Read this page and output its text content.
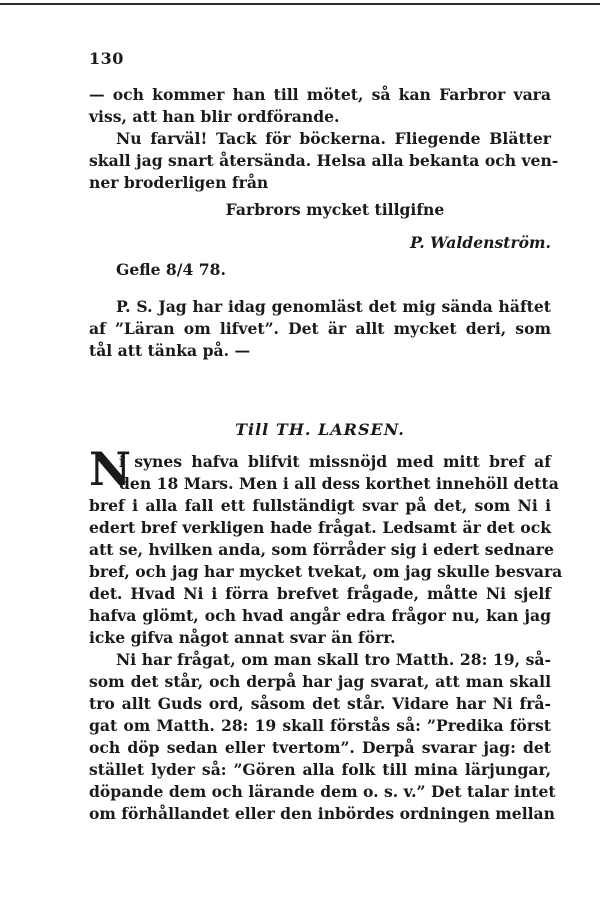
130
— och kommer han till mötet, så kan Farbror vara
viss, att han blir ordförande.
Nu farväl! Tack för böckerna. Fliegende Blätter
skall jag snart återsända. Helsa alla bekanta och ven-
ner broderligen från
Farbrors mycket tillgifne
P. Waldenström.
Gefle 8/4 78.
P. S. Jag har idag genomläst det mig sända häftet
af ”Läran om lifvet”. Det är allt mycket deri, som
tål att tänka på. —
Till TH. LARSEN.
N
i synes hafva blifvit missnöjd med mitt bref af
den 18 Mars. Men i all dess korthet innehöll detta
bref i alla fall ett fullständigt svar på det, som Ni i
edert bref verkligen hade frågat. Ledsamt är det ock
att se, hvilken anda, som förråder sig i edert sednare
bref, och jag har mycket tvekat, om jag skulle besvara
det. Hvad Ni i förra brefvet frågade, måtte Ni sjelf
hafva glömt, och hvad angår edra frågor nu, kan jag
icke gifva något annat svar än förr.
Ni har frågat, om man skall tro Matth. 28: 19, så-
som det står, och derpå har jag svarat, att man skall
tro allt Guds ord, såsom det står. Vidare har Ni frå-
gat om Matth. 28: 19 skall förstås så: ”Predika först
och döp sedan eller tvertom”. Derpå svarar jag: det
stället lyder så: ”Gören alla folk till mina lärjungar,
döpande dem och lärande dem o. s. v.” Det talar intet
om förhållandet eller den inbördes ordningen mellan
